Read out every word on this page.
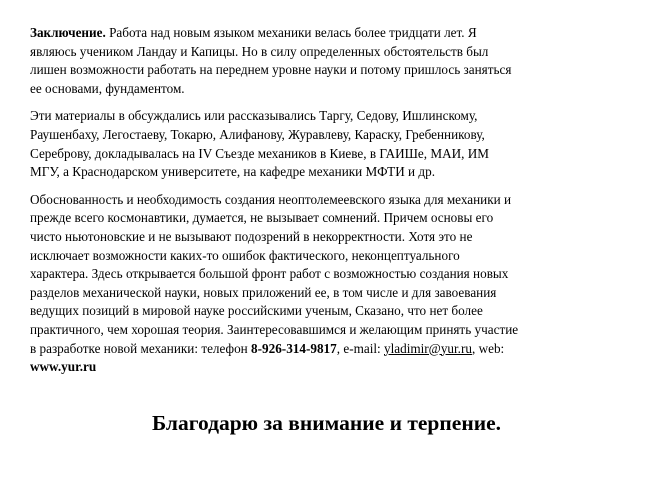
Заключение. Работа над новым языком механики велась более тридцати лет. Я
являюсь учеником Ландау и Капицы. Но в силу определенных обстоятельств был
лишен возможности работать на переднем уровне науки и потому пришлось заняться
ее основами, фундаментом.

Эти материалы в обсуждались или рассказывались Таргу, Седову, Ишлинскому,
Раушенбаху, Легостаеву, Токарю, Алифанову, Журавлеву, Караску, Гребенникову,
Сереброву, докладывалась на IV Съезде механиков в Киеве, в ГАИШе, МАИ, ИМ
МГУ, а Краснодарском университете, на кафедре механики МФТИ и др.

Обоснованность и необходимость создания неоптолемеевского языка для механики и
прежде всего космонавтики, думается, не вызывает сомнений. Причем основы его
чисто ньютоновские и не вызывают подозрений в некорректности. Хотя это не
исключает возможности каких-то ошибок фактического, неконцептуального
характера. Здесь открывается большой фронт работ с возможностью создания новых
разделов механической науки, новых приложений ее, в том числе и для завоевания
ведущих позиций в мировой науке российскими ученым, Сказано, что нет более
практичного, чем хорошая теория. Заинтересовавшимся и желающим принять участие
в разработке новой механики: телефон 8-926-314-9817, e-mail: yladimir@yur.ru, web:
www.yur.ru

Благодарю за внимание и терпение.
